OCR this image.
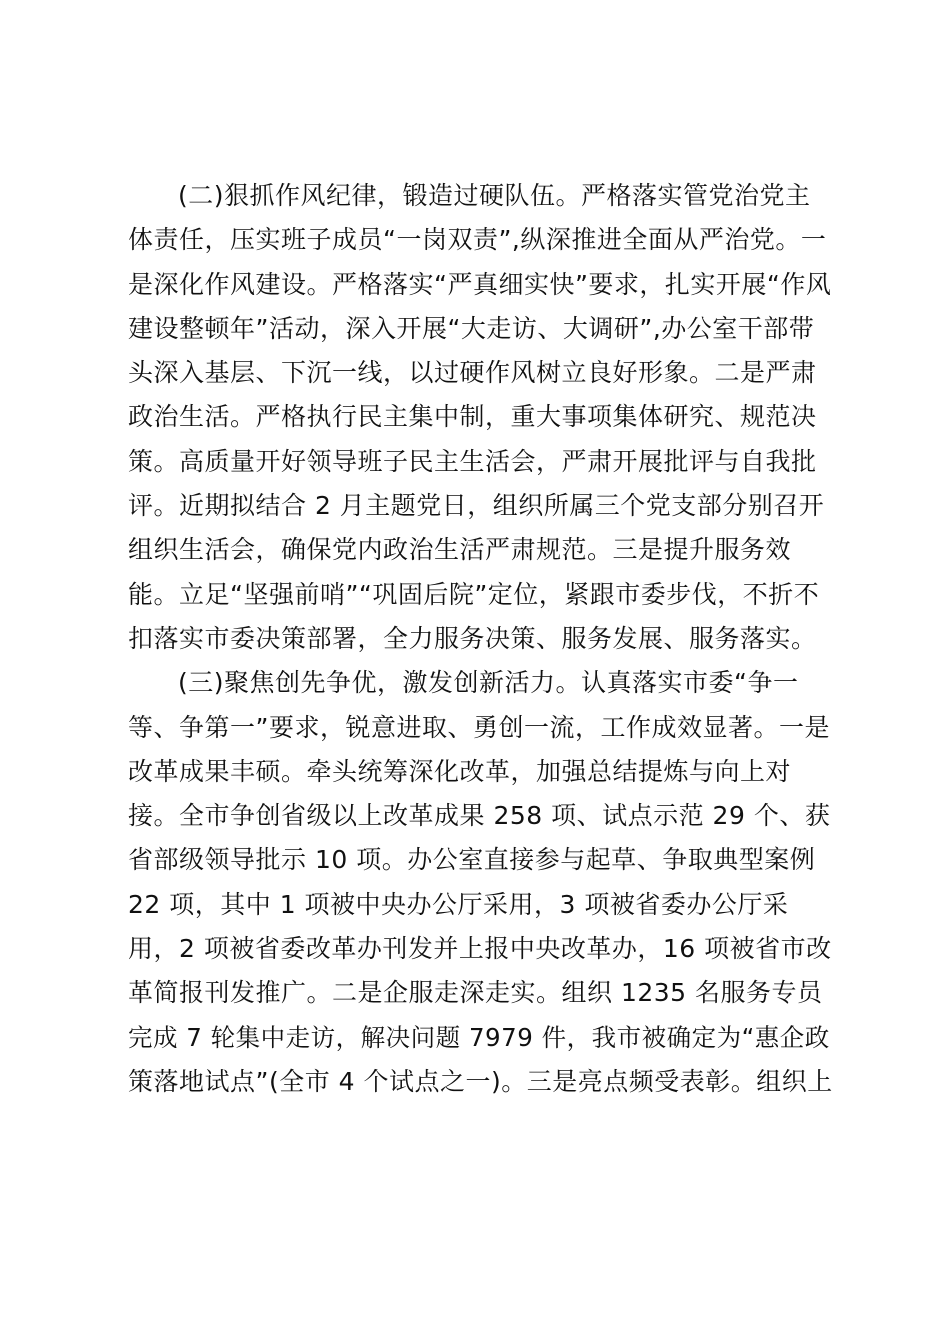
(二)狠抓作风纪律，锻造过硬队伍。严格落实管党治党主
体责任，压实班子成员“一岗双责”,纵深推进全面从严治党。一
是深化作风建设。严格落实“严真细实快”要求，扎实开展“作风
建设整顿年”活动，深入开展“大走访、大调研”,办公室干部带
头深入基层、下沉一线，以过硬作风树立良好形象。二是严肃
政治生活。严格执行民主集中制，重大事项集体研究、规范决
策。高质量开好领导班子民主生活会，严肃开展批评与自我批
评。近期拟结合 2 月主题党日，组织所属三个党支部分别召开
组织生活会，确保党内政治生活严肃规范。三是提升服务效
能。立足“坚强前哨”“巩固后院”定位，紧跟市委步伐，不折不
扣落实市委决策部署，全力服务决策、服务发展、服务落实。
(三)聚焦创先争优，激发创新活力。认真落实市委“争一
等、争第一”要求，锐意进取、勇创一流，工作成效显著。一是
改革成果丰硕。牵头统筹深化改革，加强总结提炼与向上对
接。全市争创省级以上改革成果 258 项、试点示范 29 个、获
省部级领导批示 10 项。办公室直接参与起草、争取典型案例
22 项，其中 1 项被中央办公厅采用，3 项被省委办公厅采
用，2 项被省委改革办刊发并上报中央改革办，16 项被省市改
革简报刊发推广。二是企服走深走实。组织 1235 名服务专员
完成 7 轮集中走访，解决问题 7979 件，我市被确定为“惠企政
策落地试点”(全市 4 个试点之一)。三是亮点频受表彰。组织上
